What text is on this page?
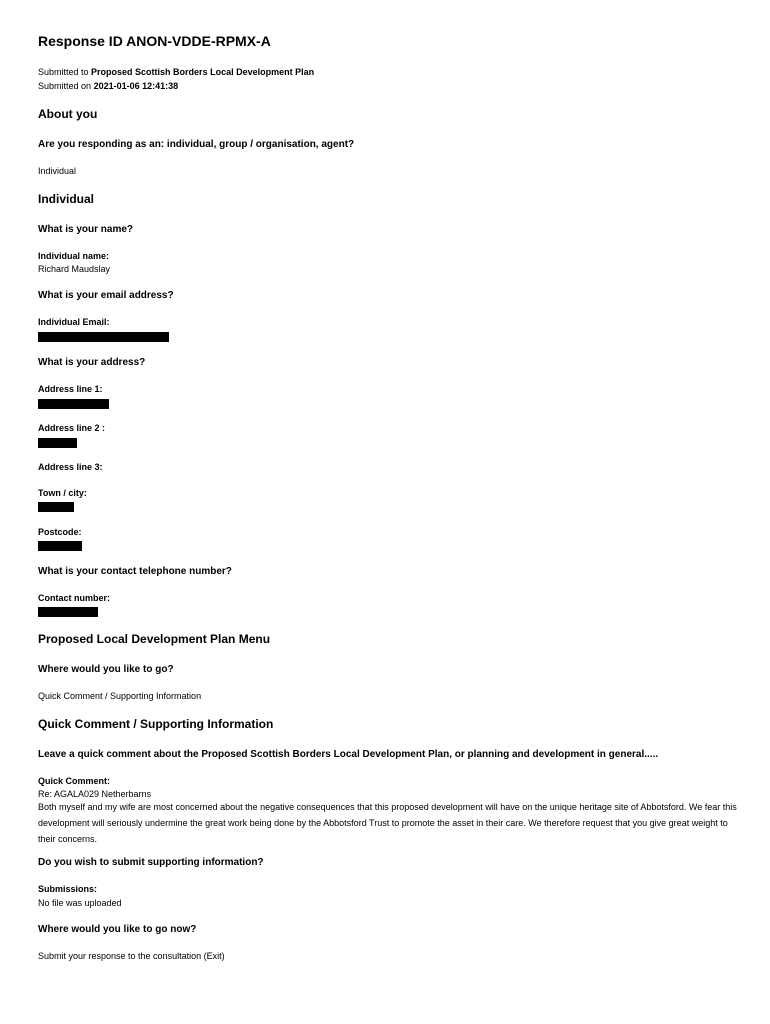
Response ID ANON-VDDE-RPMX-A
Submitted to Proposed Scottish Borders Local Development Plan
Submitted on 2021-01-06 12:41:38
About you
Are you responding as an: individual, group / organisation, agent?
Individual
Individual
What is your name?
Individual name:
Richard Maudslay
What is your email address?
Individual Email:
What is your address?
Address line 1:
Address line 2 :
Address line 3:
Town / city:
Postcode:
What is your contact telephone number?
Contact number:
Proposed Local Development Plan Menu
Where would you like to go?
Quick Comment / Supporting Information
Quick Comment / Supporting Information
Leave a quick comment about the Proposed Scottish Borders Local Development Plan, or planning and development in general.....
Quick Comment:
Re: AGALA029 Netherbarns
Both myself and my wife are most concerned about the negative consequences that this proposed development will have on the unique heritage site of Abbotsford. We fear this development will seriously undermine the great work being done by the Abbotsford Trust to promote the asset in their care. We therefore request that you give great weight to their concerns.
Do you wish to submit supporting information?
Submissions:
No file was uploaded
Where would you like to go now?
Submit your response to the consultation (Exit)
